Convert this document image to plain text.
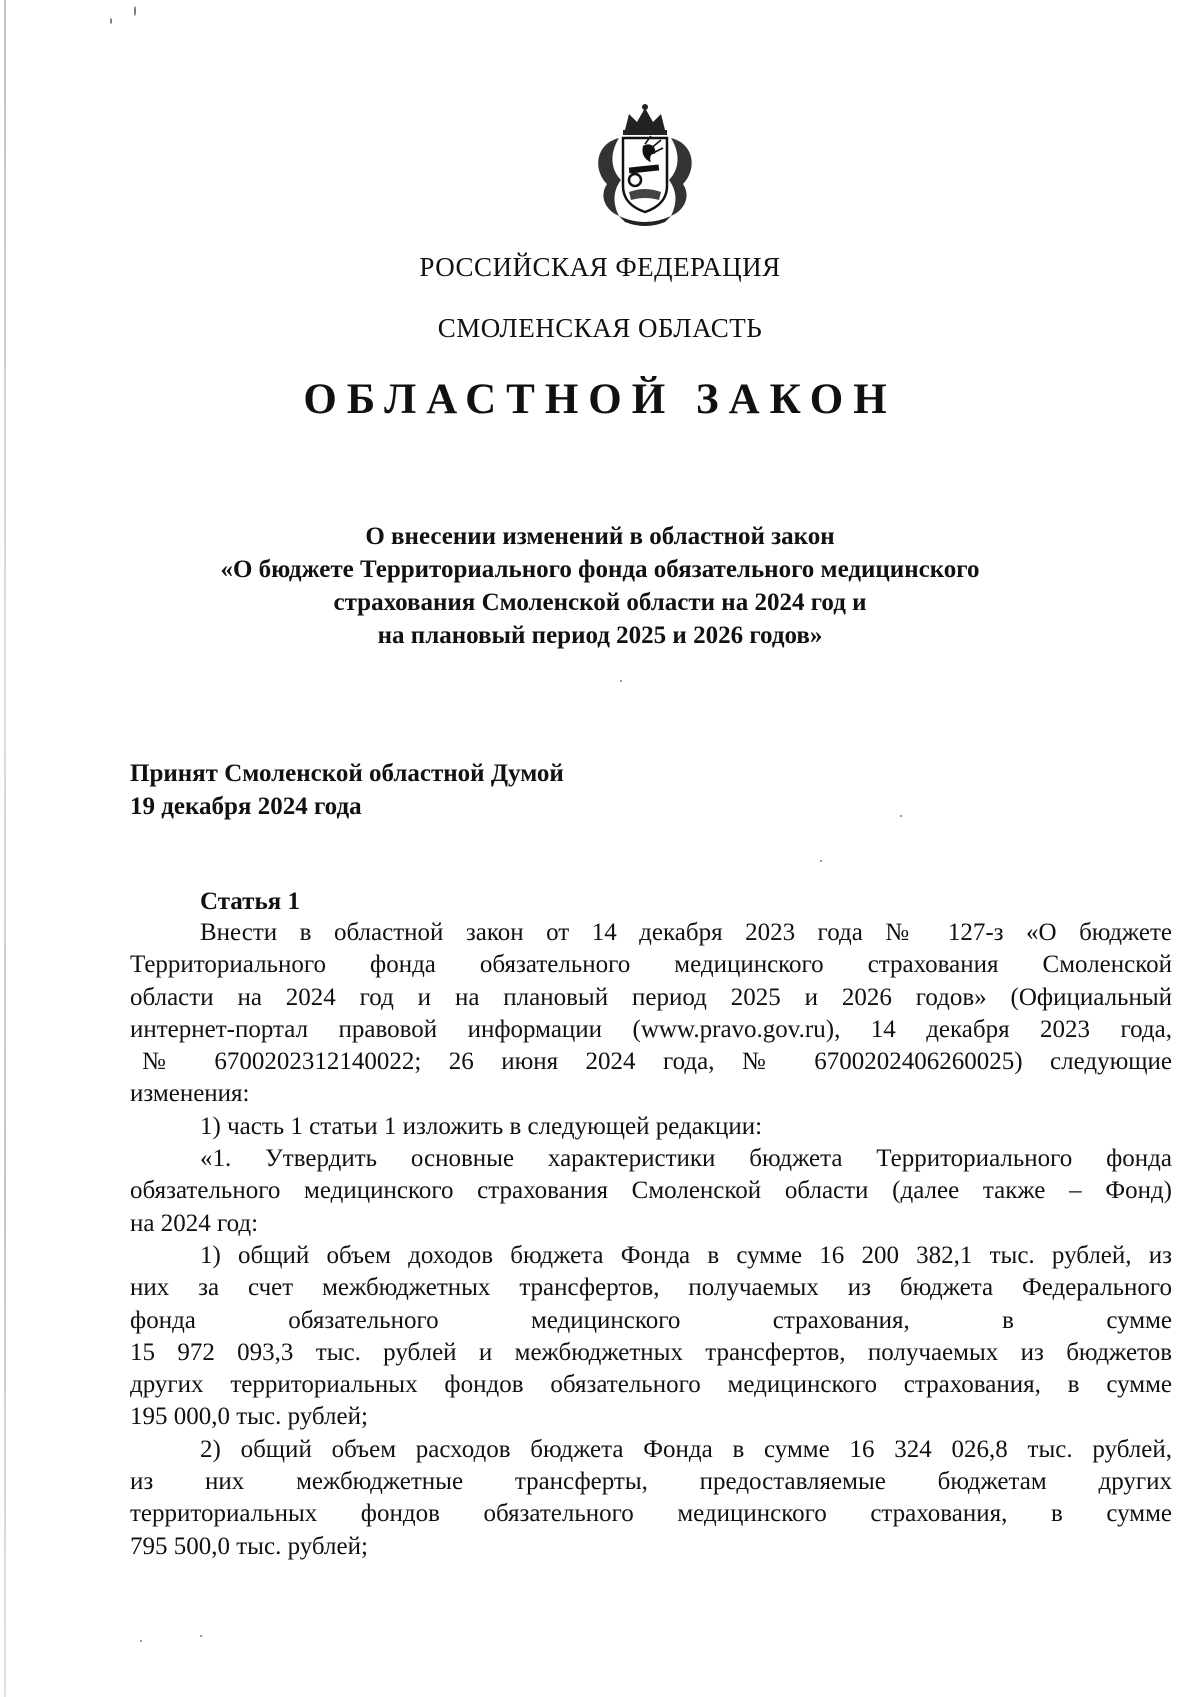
РОССИЙСКАЯ ФЕДЕРАЦИЯ
СМОЛЕНСКАЯ ОБЛАСТЬ
ОБЛАСТНОЙ ЗАКОН
О внесении изменений в областной закон
«О бюджете Территориального фонда обязательного медицинского
страхования Смоленской области на 2024 год и
на плановый период 2025 и 2026 годов»
Принят Смоленской областной Думой
19 декабря 2024 года
Статья 1
Внести в областной закон от 14 декабря 2023 года № 127-з «О бюджете
Территориального фонда обязательного медицинского страхования Смоленской
области на 2024 год и на плановый период 2025 и 2026 годов» (Официальный
интернет-портал правовой информации (www.pravo.gov.ru), 14 декабря 2023 года,
№ 6700202312140022; 26 июня 2024 года, № 6700202406260025) следующие
изменения:
1) часть 1 статьи 1 изложить в следующей редакции:
«1. Утвердить основные характеристики бюджета Территориального фонда
обязательного медицинского страхования Смоленской области (далее также – Фонд)
на 2024 год:
1) общий объем доходов бюджета Фонда в сумме 16 200 382,1 тыс. рублей, из
них за счет межбюджетных трансфертов, получаемых из бюджета Федерального
фонда обязательного медицинского страхования, в сумме
15 972 093,3 тыс. рублей и межбюджетных трансфертов, получаемых из бюджетов
других территориальных фондов обязательного медицинского страхования, в сумме
195 000,0 тыс. рублей;
2) общий объем расходов бюджета Фонда в сумме 16 324 026,8 тыс. рублей,
из них межбюджетные трансферты, предоставляемые бюджетам других
территориальных фондов обязательного медицинского страхования, в сумме
795 500,0 тыс. рублей;
